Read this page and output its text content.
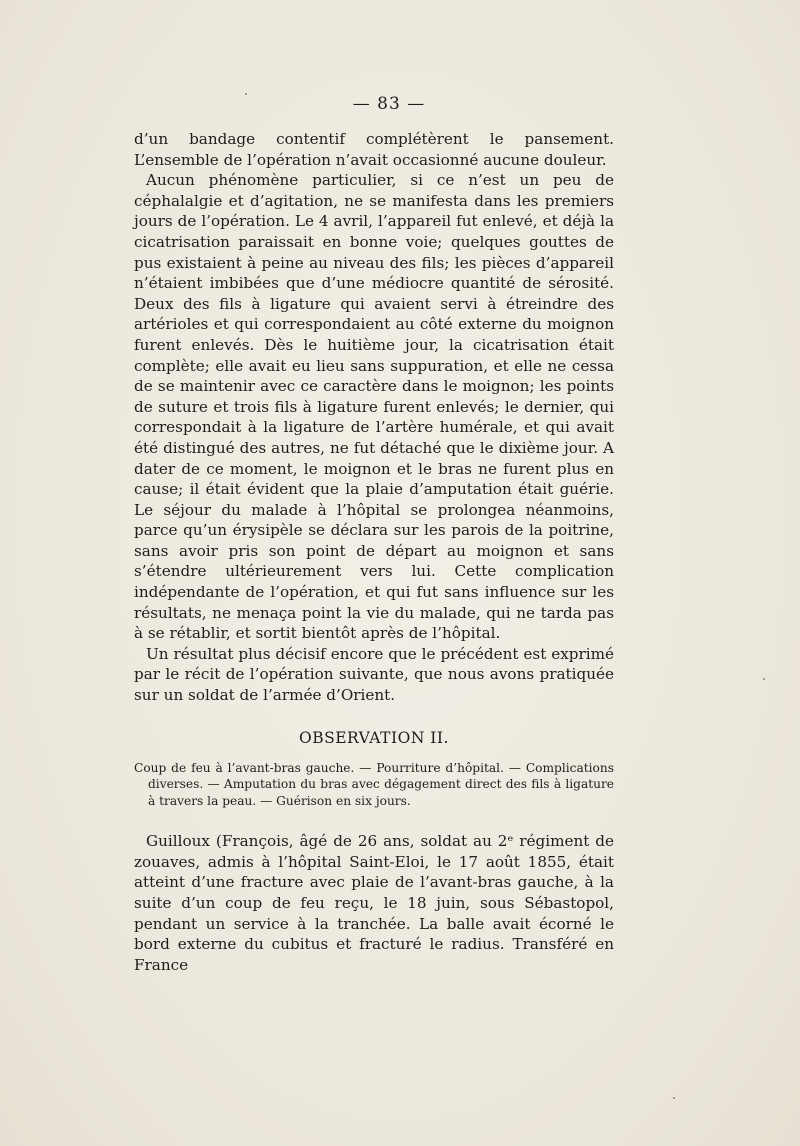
— 83 —

d’un bandage contentif complétèrent le pansement. L’ensemble de l’opération n’avait occasionné aucune douleur.

Aucun phénomène particulier, si ce n’est un peu de céphalalgie et d’agitation, ne se manifesta dans les premiers jours de l’opération. Le 4 avril, l’appareil fut enlevé, et déjà la cicatrisation paraissait en bonne voie; quelques gouttes de pus existaient à peine au niveau des fils; les pièces d’appareil n’étaient imbibées que d’une médiocre quantité de sérosité. Deux des fils à ligature qui avaient servi à étreindre des artérioles et qui correspondaient au côté externe du moignon furent enlevés. Dès le huitième jour, la cicatrisation était complète; elle avait eu lieu sans suppuration, et elle ne cessa de se maintenir avec ce caractère dans le moignon; les points de suture et trois fils à ligature furent enlevés; le dernier, qui correspondait à la ligature de l’artère humérale, et qui avait été distingué des autres, ne fut détaché que le dixième jour. A dater de ce moment, le moignon et le bras ne furent plus en cause; il était évident que la plaie d’amputation était guérie. Le séjour du malade à l’hôpital se prolongea néanmoins, parce qu’un érysipèle se déclara sur les parois de la poitrine, sans avoir pris son point de départ au moignon et sans s’étendre ultérieurement vers lui. Cette complication indépendante de l’opération, et qui fut sans influence sur les résultats, ne menaça point la vie du malade, qui ne tarda pas à se rétablir, et sortit bientôt après de l’hôpital.

Un résultat plus décisif encore que le précédent est exprimé par le récit de l’opération suivante, que nous avons pratiquée sur un soldat de l’armée d’Orient.

OBSERVATION II.

Coup de feu à l’avant-bras gauche. — Pourriture d’hôpital. — Complications diverses. — Amputation du bras avec dégagement direct des fils à ligature à travers la peau. — Guérison en six jours.

Guilloux (François, âgé de 26 ans, soldat au 2ᵉ régiment de zouaves, admis à l’hôpital Saint-Eloi, le 17 août 1855, était atteint d’une fracture avec plaie de l’avant-bras gauche, à la suite d’un coup de feu reçu, le 18 juin, sous Sébastopol, pendant un service à la tranchée. La balle avait écorné le bord externe du cubitus et fracturé le radius. Transféré en France
